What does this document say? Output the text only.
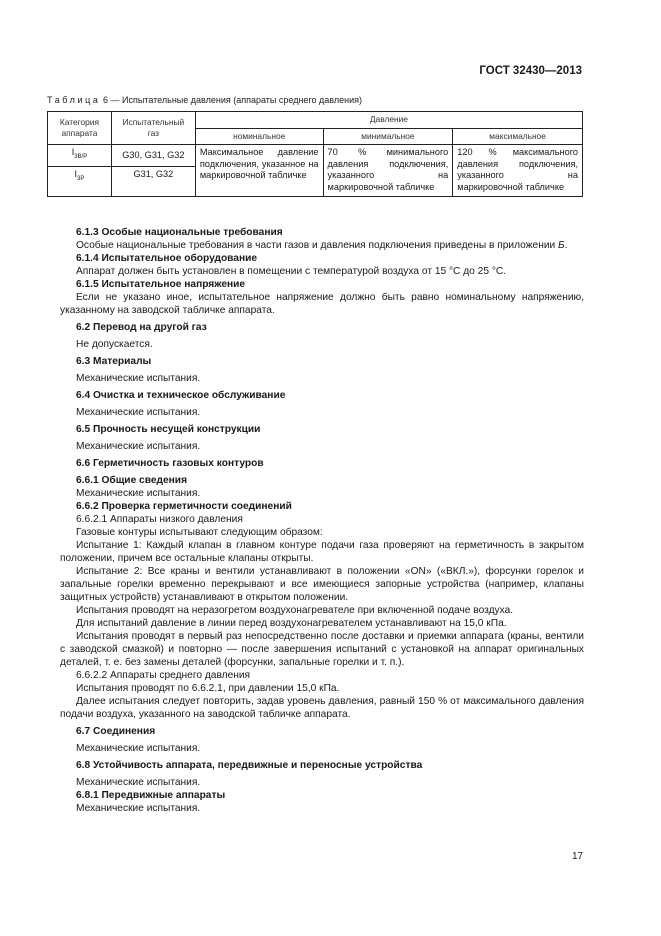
ГОСТ 32430—2013
Таблица 6 — Испытательные давления (аппараты среднего давления)
Категория аппарата	Испытательный газ	Давление		
		номинальное	минимальное	максимальное
$I_{3B/P}$	G30, G31, G32	Максимальное давление подключения, указанное на маркировочной табличке	70 % минимального давления подключения, указанного на маркировочной табличке	120 % максимального давления подключения, указанного на маркировочной табличке
$I_{3P}$	G31, G32			

6.1.3 Особые национальные требования

Особые национальные требования в части газов и давления подключения приведены в приложении Б.

6.1.4 Испытательное оборудование

Аппарат должен быть установлен в помещении с температурой воздуха от 15 °С до 25 °С.

6.1.5 Испытательное напряжение

Если не указано иное, испытательное напряжение должно быть равно номинальному напряжению, указанному на заводской табличке аппарата.

6.2 Перевод на другой газ

Не допускается.

6.3 Материалы

Механические испытания.

6.4 Очистка и техническое обслуживание

Механические испытания.

6.5 Прочность несущей конструкции

Механические испытания.

6.6 Герметичность газовых контуров

6.6.1 Общие сведения

Механические испытания.

6.6.2 Проверка герметичности соединений

6.6.2.1 Аппараты низкого давления

Газовые контуры испытывают следующим образом:

Испытание 1: Каждый клапан в главном контуре подачи газа проверяют на герметичность в закрытом положении, причем все остальные клапаны открыты.

Испытание 2: Все краны и вентили устанавливают в положении «ON» («ВКЛ.»), форсунки горелок и запальные горелки временно перекрывают и все имеющиеся запорные устройства (например, клапаны защитных устройств) устанавливают в открытом положении.

Испытания проводят на неразогретом воздухонагревателе при включенной подаче воздуха.

Для испытаний давление в линии перед воздухонагревателем устанавливают на 15,0 кПа.

Испытания проводят в первый раз непосредственно после доставки и приемки аппарата (краны, вентили с заводской смазкой) и повторно — после завершения испытаний с установкой на аппарат оригинальных деталей, т. е. без замены деталей (форсунки, запальные горелки и т. п.).

6.6.2.2 Аппараты среднего давления

Испытания проводят по 6.6.2.1, при давлении 15,0 кПа.

Далее испытания следует повторить, задав уровень давления, равный 150 % от максимального давления подачи воздуха, указанного на заводской табличке аппарата.

6.7 Соединения

Механические испытания.

6.8 Устойчивость аппарата, передвижные и переносные устройства

Механические испытания.

6.8.1 Передвижные аппараты

Механические испытания.

17
